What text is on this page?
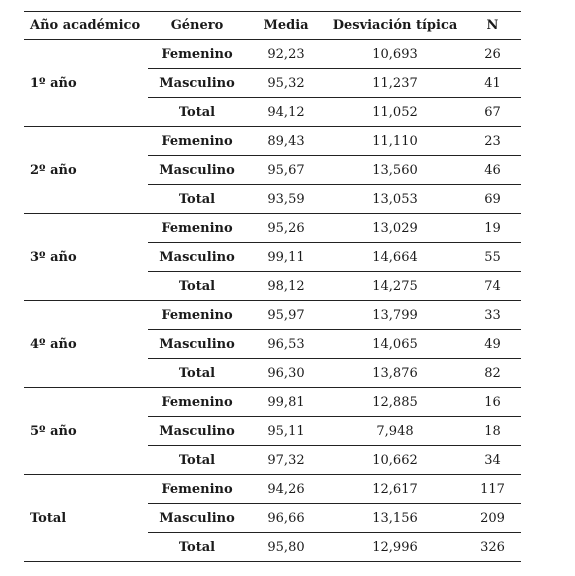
Año académico	Género	Media	Desviación típica	N
1º año	Femenino	92,23	10,693	26
	Masculino	95,32	11,237	41
	Total	94,12	11,052	67
2º año	Femenino	89,43	11,110	23
	Masculino	95,67	13,560	46
	Total	93,59	13,053	69
3º año	Femenino	95,26	13,029	19
	Masculino	99,11	14,664	55
	Total	98,12	14,275	74
4º año	Femenino	95,97	13,799	33
	Masculino	96,53	14,065	49
	Total	96,30	13,876	82
5º año	Femenino	99,81	12,885	16
	Masculino	95,11	7,948	18
	Total	97,32	10,662	34
Total	Femenino	94,26	12,617	117
	Masculino	96,66	13,156	209
	Total	95,80	12,996	326
